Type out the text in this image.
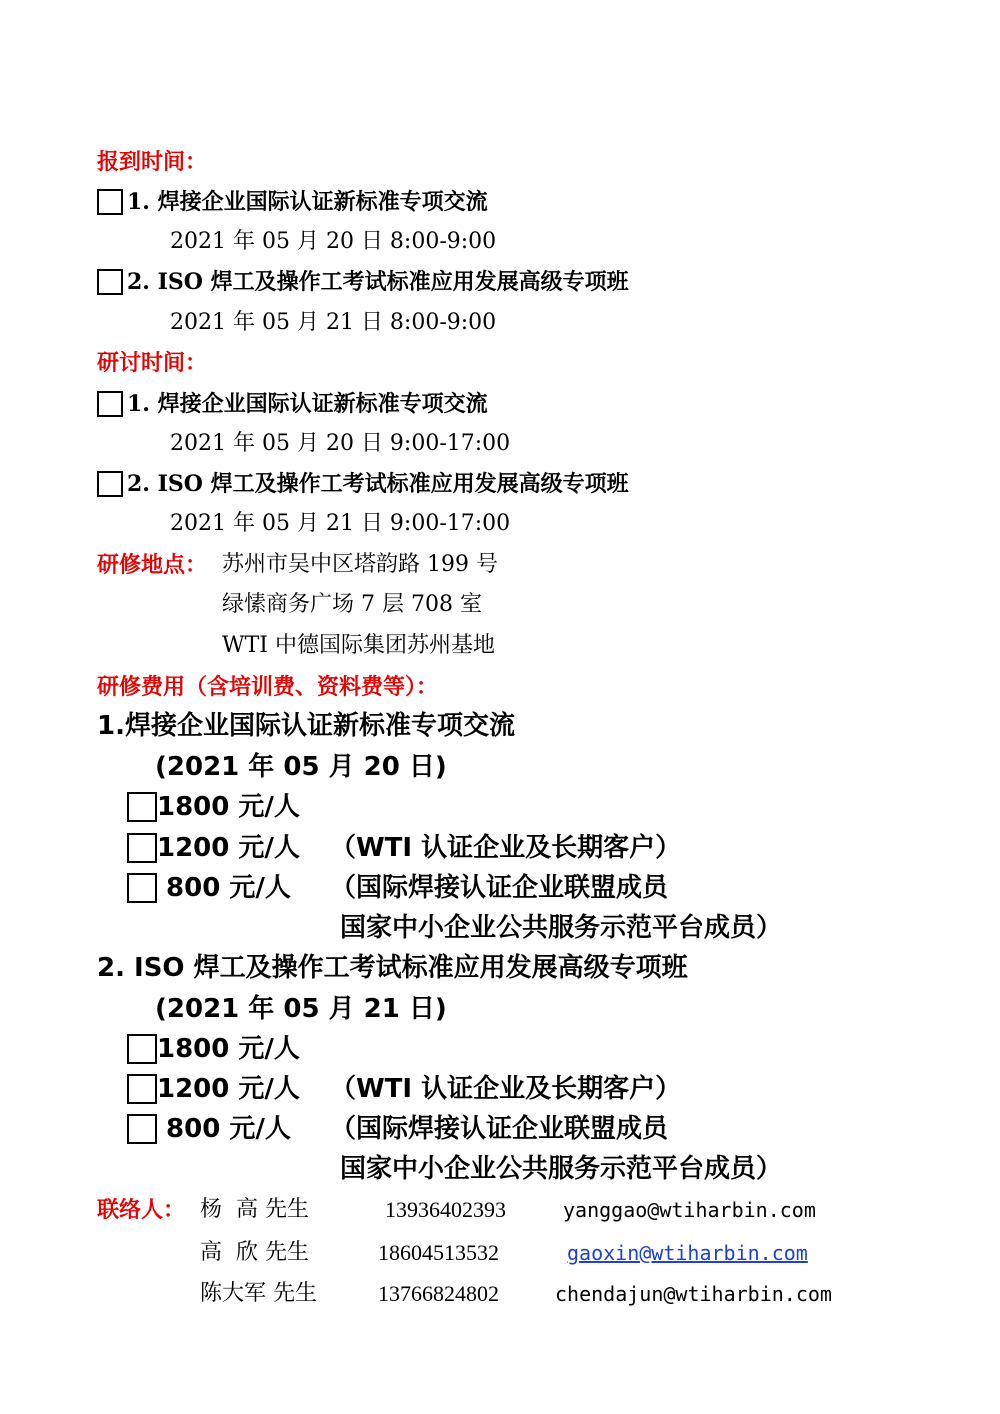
报到时间：
1. 焊接企业国际认证新标准专项交流
2021 年 05 月 20 日 8:00-9:00
2. ISO 焊工及操作工考试标准应用发展高级专项班
2021 年 05 月 21 日 8:00-9:00
研讨时间：
1. 焊接企业国际认证新标准专项交流
2021 年 05 月 20 日 9:00-17:00
2. ISO 焊工及操作工考试标准应用发展高级专项班
2021 年 05 月 21 日 9:00-17:00
研修地点： 苏州市吴中区塔韵路 199 号
绿愫商务广场 7 层 708 室
WTI 中德国际集团苏州基地
研修费用（含培训费、资料费等）：
1.焊接企业国际认证新标准专项交流
(2021 年 05 月 20 日)
1800 元/人
1200 元/人 （WTI 认证企业及长期客户）
800 元/人 （国际焊接认证企业联盟成员
国家中小企业公共服务示范平台成员）
2. ISO 焊工及操作工考试标准应用发展高级专项班
(2021 年 05 月 21 日)
1800 元/人
1200 元/人 （WTI 认证企业及长期客户）
800 元/人 （国际焊接认证企业联盟成员
国家中小企业公共服务示范平台成员）
联络人： 杨  高 先生	13936402393	yanggao@wtiharbin.com
高  欣 先生	18604513532	gaoxin@wtiharbin.com
陈大军 先生	13766824802	chendajun@wtiharbin.com
